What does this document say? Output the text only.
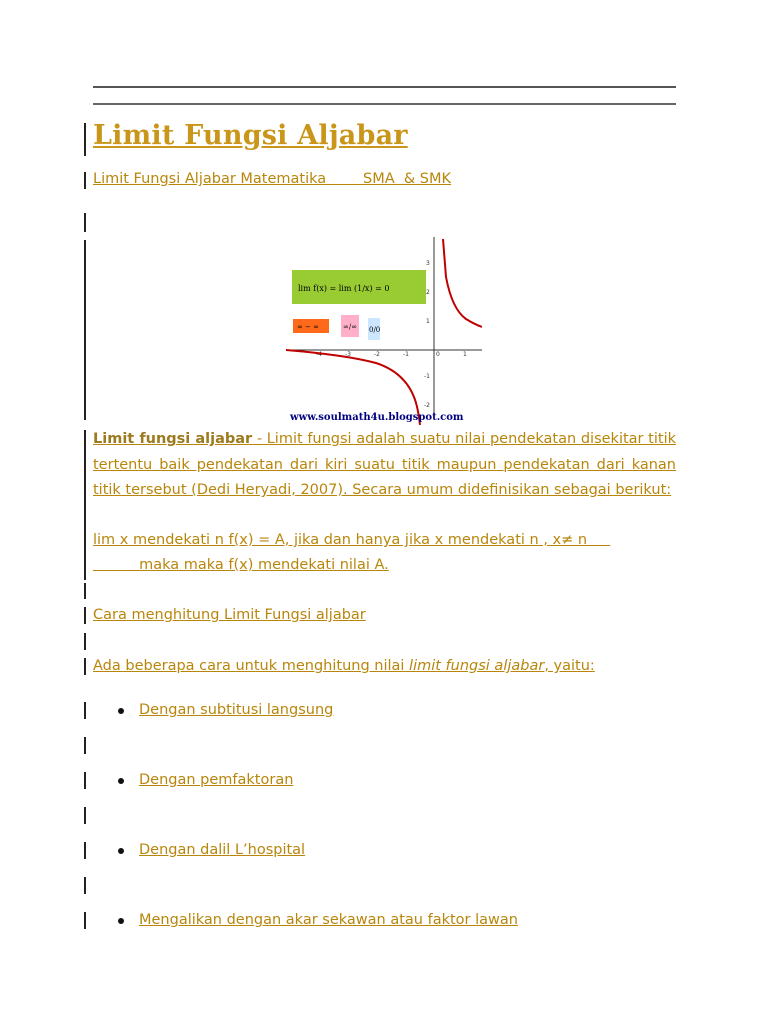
Limit Fungsi Aljabar
Limit Fungsi Aljabar Matematika        SMA  & SMK
-4	-3	-2	-1	0	1
3
2
1
-1
-2
lim f(x) = lim (1/x) = 0
∞ − ∞	∞/∞ 0/0
www.soulmath4u.blogspot.com

Limit fungsi aljabar - Limit fungsi adalah suatu nilai pendekatan disekitar titik tertentu baik pendekatan dari kiri suatu titik maupun pendekatan dari kanan titik tersebut (Dedi Heryadi, 2007). Secara umum didefinisikan sebagai berikut:

lim x mendekati n f(x) = A, jika dan hanya jika x mendekati n , x≠ n
maka maka f(x) mendekati nilai A.
Cara menghitung Limit Fungsi aljabar
Ada beberapa cara untuk menghitung nilai limit fungsi aljabar, yaitu:
Dengan subtitusi langsung
Dengan pemfaktoran
Dengan dalil L’hospital
Mengalikan dengan akar sekawan atau faktor lawan
